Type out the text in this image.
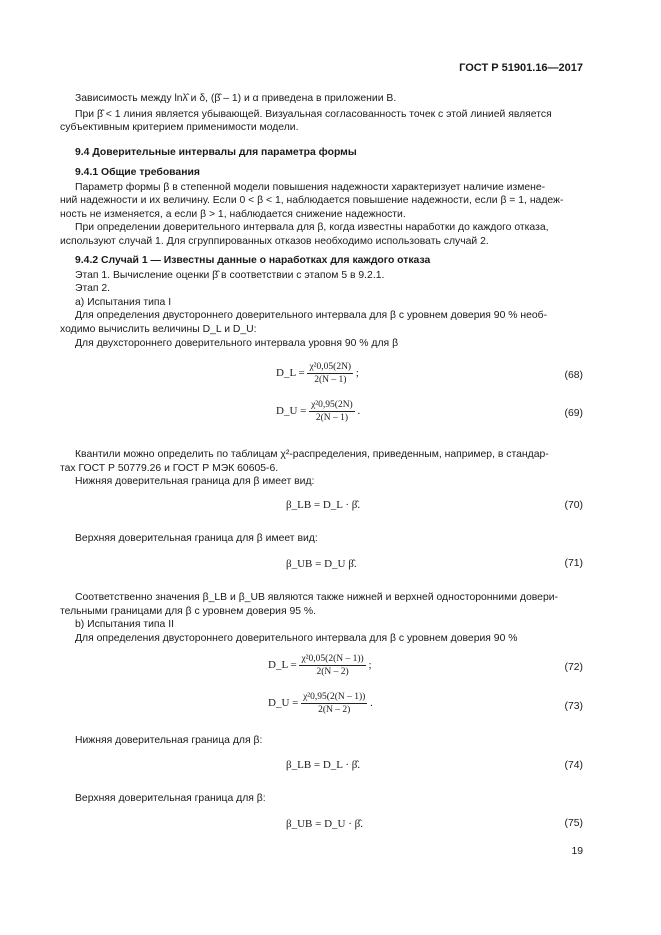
ГОСТ Р 51901.16—2017
Зависимость между lnλ̂ и δ, (β̂ – 1) и α приведена в приложении В.
При β̂ < 1 линия является убывающей. Визуальная согласованность точек с этой линией является
субъективным критерием применимости модели.
9.4 Доверительные интервалы для параметра формы
9.4.1 Общие требования
Параметр формы β в степенной модели повышения надежности характеризует наличие измене-
ний надежности и их величину. Если 0 < β < 1, наблюдается повышение надежности, если β = 1, надеж-
ность не изменяется, а если β > 1, наблюдается снижение надежности.
При определении доверительного интервала для β, когда известны наработки до каждого отказа,
используют случай 1. Для сгруппированных отказов необходимо использовать случай 2.
9.4.2 Случай 1 — Известны данные о наработках для каждого отказа
Этап 1. Вычисление оценки β̂ в соответствии с этапом 5 в 9.2.1.
Этап 2.
a) Испытания типа I
Для определения двустороннего доверительного интервала для β с уровнем доверия 90 % необ-
ходимо вычислить величины D_L и D_U:
Для двухстороннего доверительного интервала уровня 90 % для β
D_L = $\frac{\text{χ²0,05(2N)}}{2(N - 1)}$ ;	(68)
D_U = $\frac{\text{χ²0,95(2N)}}{2(N - 1)}$ .	(69)
Квантили можно определить по таблицам χ²-распределения, приведенным, например, в стандар-
тах ГОСТ Р 50779.26 и ГОСТ Р МЭК 60605-6.
Нижняя доверительная граница для β имеет вид:
β_LB = D_L · β̂.	(70)
Верхняя доверительная граница для β имеет вид:
β_UB = D_U β̂.	(71)
Соответственно значения β_LB и β_UB являются также нижней и верхней односторонними довери-
тельными границами для β с уровнем доверия 95 %.
b) Испытания типа II
Для определения двустороннего доверительного интервала для β с уровнем доверия 90 %
D_L = $\frac{\text{χ²0,05(2(N – 1))}}{2(N - 2)}$ ;	(72)
D_U = $\frac{\text{χ²0,95(2(N – 1))}}{2(N - 2)}$ .	(73)
Нижняя доверительная граница для β:
β_LB = D_L · β̂.	(74)
Верхняя доверительная граница для β:
β_UB = D_U · β̂.	(75)
19
